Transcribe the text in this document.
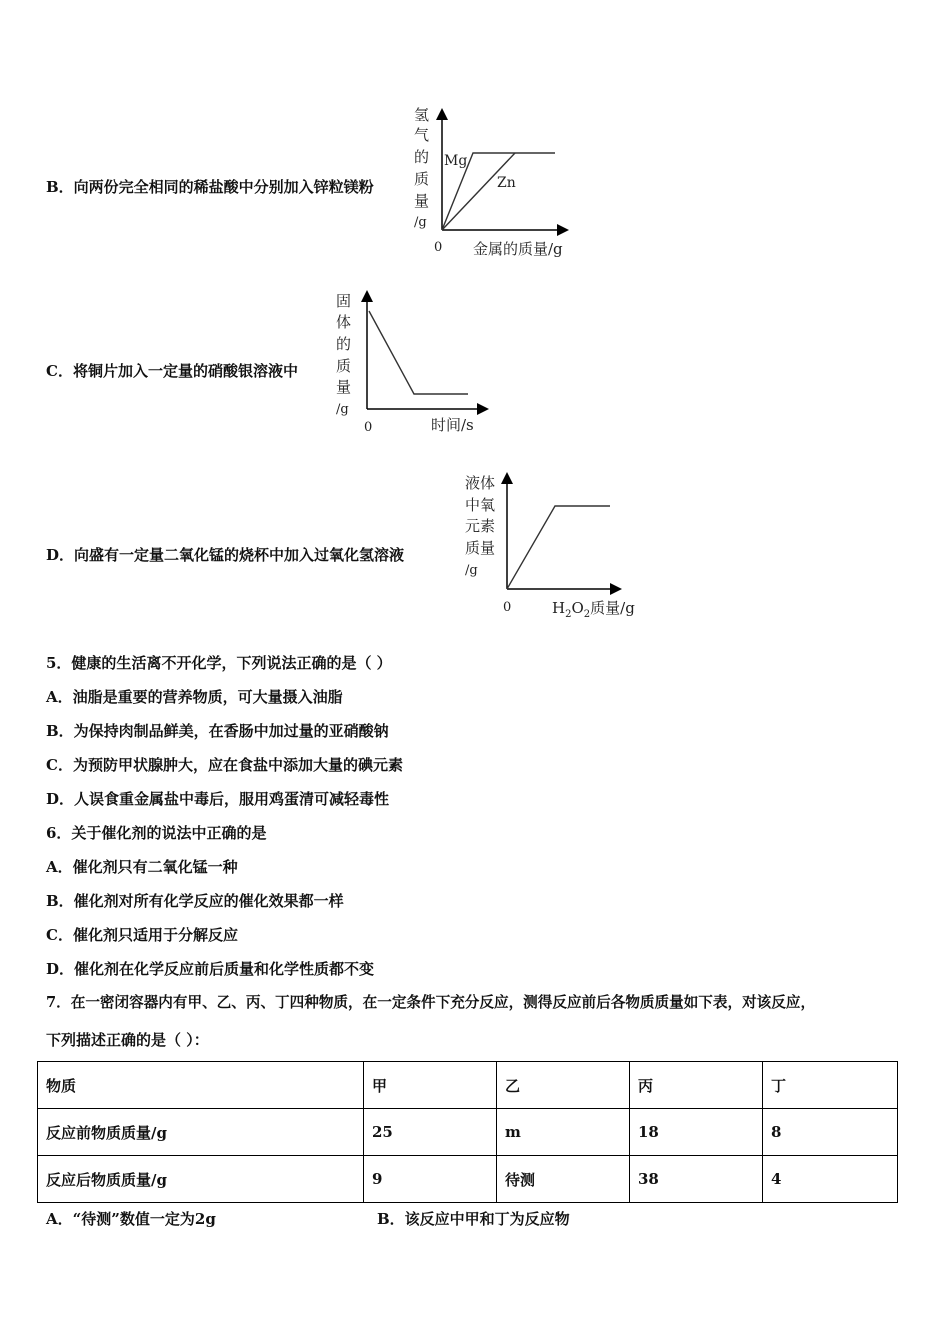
B．向两份完全相同的稀盐酸中分别加入锌粒镁粉
氢
气
的
质
量
/g
Mg
Zn
0 金属的质量/g
C．将铜片加入一定量的硝酸银溶液中
固
体
的
质
量
/g
0	时间/s
D．向盛有一定量二氧化锰的烧杯中加入过氧化氢溶液
液体
中氧
元素
质量
/g
0	$H_2O_2$质量/g
5．健康的生活离不开化学，下列说法正确的是（ ）
A．油脂是重要的营养物质，可大量摄入油脂
B．为保持肉制品鲜美，在香肠中加过量的亚硝酸钠
C．为预防甲状腺肿大，应在食盐中添加大量的碘元素
D．人误食重金属盐中毒后，服用鸡蛋清可减轻毒性
6．关于催化剂的说法中正确的是
A．催化剂只有二氧化锰一种
B．催化剂对所有化学反应的催化效果都一样
C．催化剂只适用于分解反应
D．催化剂在化学反应前后质量和化学性质都不变
7．在一密闭容器内有甲、乙、丙、丁四种物质，在一定条件下充分反应，测得反应前后各物质质量如下表，对该反应，
下列描述正确的是（ ）：
物质	甲	乙	丙	丁
反应前物质质量/g	25	m	18	8
反应后物质质量/g	9	待测	38	4
A．“待测”数值一定为2g	B．该反应中甲和丁为反应物
